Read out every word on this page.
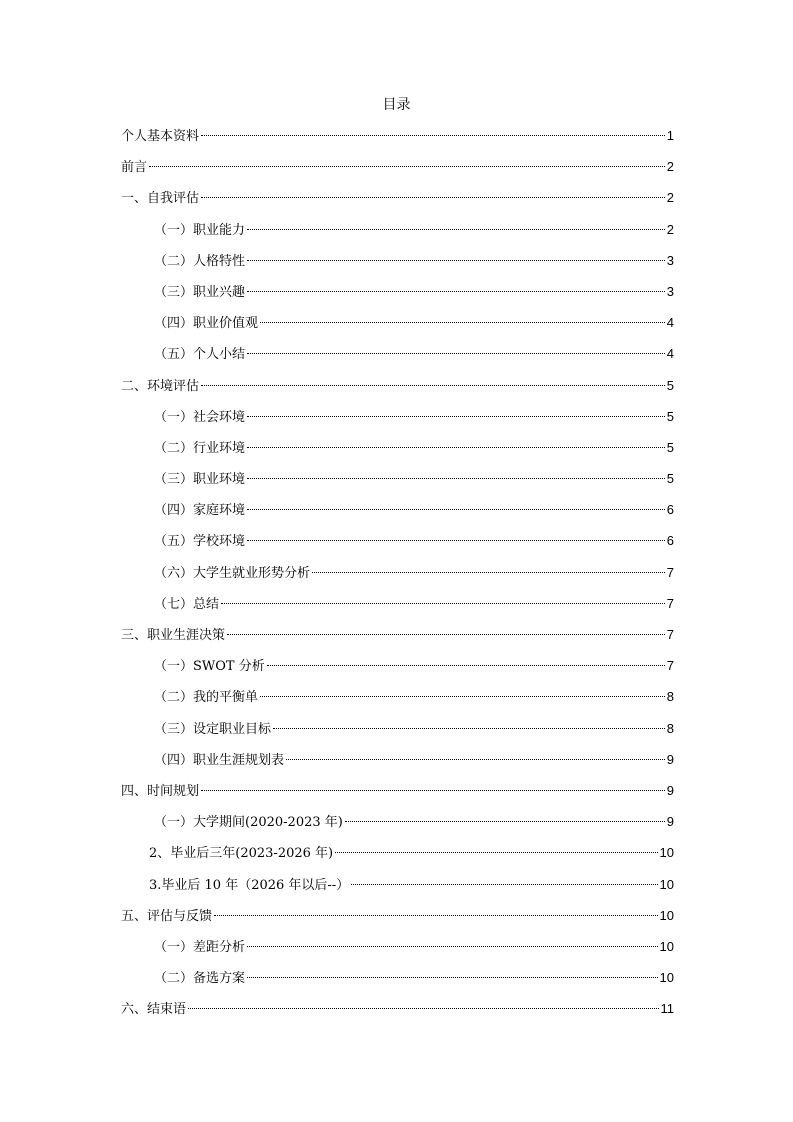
目录
个人基本资料	1
前言	2
一、自我评估	2
（一）职业能力	2
（二）人格特性	3
（三）职业兴趣	3
（四）职业价值观	4
（五）个人小结	4
二、环境评估	5
（一）社会环境	5
（二）行业环境	5
（三）职业环境	5
（四）家庭环境	6
（五）学校环境	6
（六）大学生就业形势分析	7
（七）总结	7
三、职业生涯决策	7
（一）SWOT 分析	7
（二）我的平衡单	8
（三）设定职业目标	8
（四）职业生涯规划表	9
四、时间规划	9
（一）大学期间(2020-2023 年)	9
2、毕业后三年(2023-2026 年)	10
3.毕业后 10 年（2026 年以后--）	10
五、评估与反馈	10
（一）差距分析	10
（二）备选方案	10
六、结束语	11
